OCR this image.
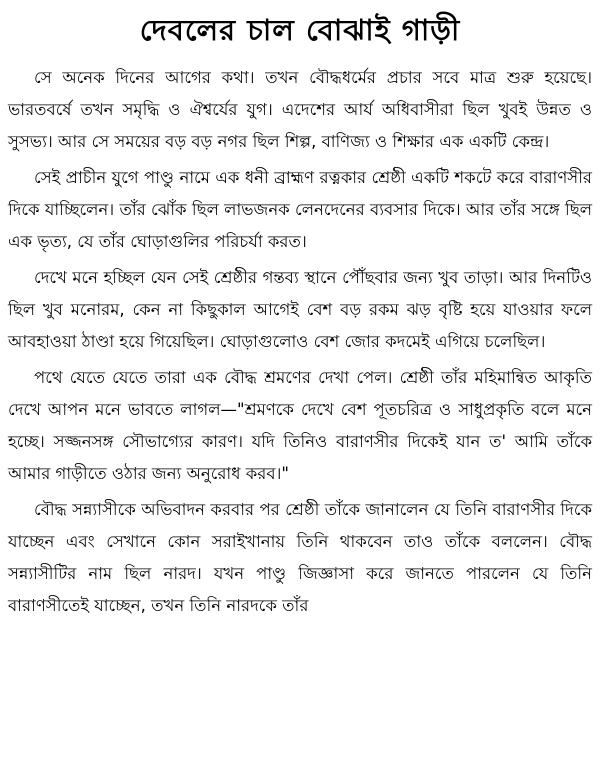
দেবলের চাল বোঝাই গাড়ী

সে অনেক দিনের আগের কথা। তখন বৌদ্ধধর্মের প্রচার সবে মাত্র শুরু হয়েছে। ভারতবর্ষে তখন সমৃদ্ধি ও ঐশ্বর্যের যুগ। এদেশের আর্য অধিবাসীরা ছিল খুবই উন্নত ও সুসভ্য। আর সে সময়ের বড় বড় নগর ছিল শিল্প, বাণিজ্য ও শিক্ষার এক একটি কেন্দ্র।

সেই প্রাচীন যুগে পাণ্ডু নামে এক ধনী ব্রাহ্মণ রত্নকার শ্রেষ্ঠী একটি শকটে করে বারাণসীর দিকে যাচ্ছিলেন। তাঁর ঝোঁক ছিল লাভজনক লেনদেনের ব্যবসার দিকে। আর তাঁর সঙ্গে ছিল এক ভৃত্য, যে তাঁর ঘোড়াগুলির পরিচর্যা করত।

দেখে মনে হচ্ছিল যেন সেই শ্রেষ্ঠীর গন্তব্য স্থানে পৌঁছবার জন্য খুব তাড়া। আর দিনটিও ছিল খুব মনোরম, কেন না কিছুকাল আগেই বেশ বড় রকম ঝড় বৃষ্টি হয়ে যাওয়ার ফলে আবহাওয়া ঠাণ্ডা হয়ে গিয়েছিল। ঘোড়াগুলোও বেশ জোর কদমেই এগিয়ে চলেছিল।

পথে যেতে যেতে তারা এক বৌদ্ধ শ্রমণের দেখা পেল। শ্রেষ্ঠী তাঁর মহিমান্বিত আকৃতি দেখে আপন মনে ভাবতে লাগল—"শ্রমণকে দেখে বেশ পূতচরিত্র ও সাধুপ্রকৃতি বলে মনে হচ্ছে। সজ্জনসঙ্গ সৌভাগ্যের কারণ। যদি তিনিও বারাণসীর দিকেই যান ত' আমি তাঁকে আমার গাড়ীতে ওঠার জন্য অনুরোধ করব।"

বৌদ্ধ সন্ন্যাসীকে অভিবাদন করবার পর শ্রেষ্ঠী তাঁকে জানালেন যে তিনি বারাণসীর দিকে যাচ্ছেন এবং সেখানে কোন সরাইখানায় তিনি থাকবেন তাও তাঁকে বললেন। বৌদ্ধ সন্ন্যাসীটির নাম ছিল নারদ। যখন পাণ্ডু জিজ্ঞাসা করে জানতে পারলেন যে তিনি বারাণসীতেই যাচ্ছেন, তখন তিনি নারদকে তাঁর
